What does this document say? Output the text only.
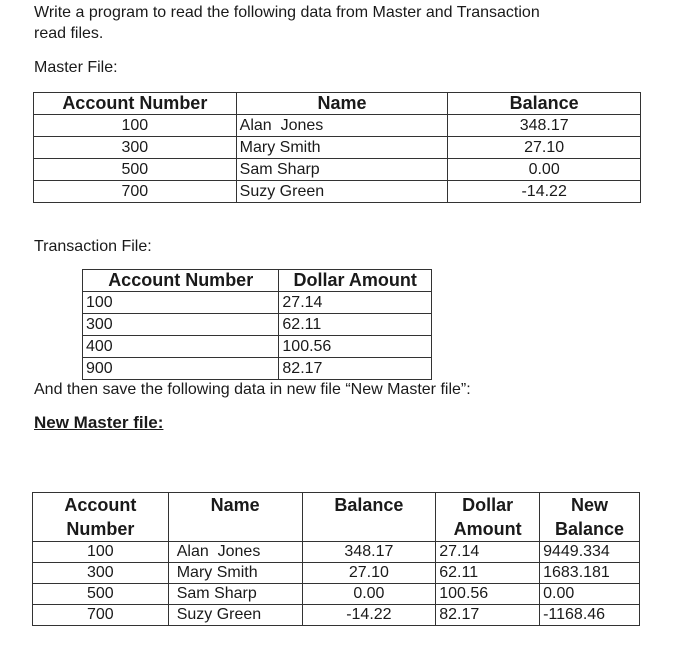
Write a program to read the following data from Master and Transaction
read files.
Master File:
Account Number	Name	Balance
100	Alan  Jones	348.17
300	Mary Smith	27.10
500	Sam Sharp	0.00
700	Suzy Green	-14.22
Transaction File:
Account Number	Dollar Amount
100	27.14
300	62.11
400	100.56
900	82.17
And then save the following data in new file “New Master file”:
New Master file:
Account Number	Name	Balance	Dollar Amount	New Balance
100	Alan  Jones	348.17	27.14	9449.334
300	Mary Smith	27.10	62.11	1683.181
500	Sam Sharp	0.00	100.56	0.00
700	Suzy Green	-14.22	82.17	-1168.46
